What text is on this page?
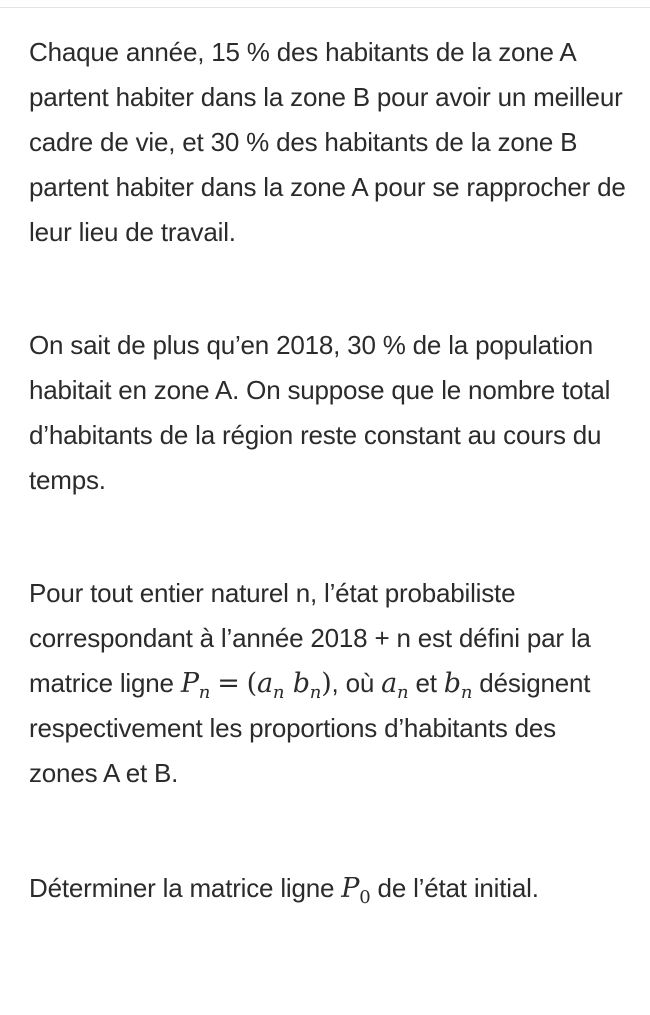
Chaque année, 15 % des habitants de la zone A partent habiter dans la zone B pour avoir un meilleur cadre de vie, et 30 % des habitants de la zone B partent habiter dans la zone A pour se rapprocher de leur lieu de travail.

On sait de plus qu’en 2018, 30 % de la population habitait en zone A. On suppose que le nombre total d’habitants de la région reste constant au cours du temps.

Pour tout entier naturel n, l’état probabiliste correspondant à l’année 2018 + n est défini par la matrice ligne $P_n = (a_n$ $b_n$), où $a_n$ et $b_n$ désignent respectivement les proportions d’habitants des zones A et B.

Déterminer la matrice ligne $P_0$ de l’état initial.
